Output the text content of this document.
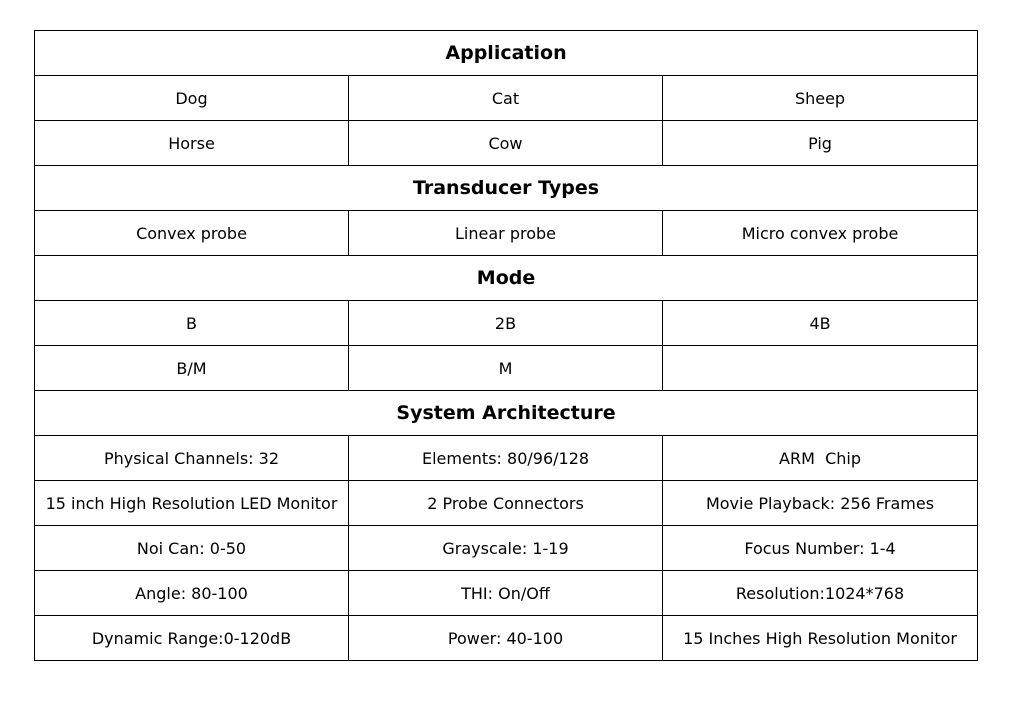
Application		
Dog	Cat	Sheep
Horse	Cow	Pig
Transducer Types		
Convex probe	Linear probe	Micro convex probe
Mode		
B	2B	4B
B/M	M	
System Architecture		
Physical Channels: 32	Elements: 80/96/128	ARM  Chip
15 inch High Resolution LED Monitor	2 Probe Connectors	Movie Playback: 256 Frames
Noi Can: 0-50	Grayscale: 1-19	Focus Number: 1-4
Angle: 80-100	THI: On/Off	Resolution:1024*768
Dynamic Range:0-120dB	Power: 40-100	15 Inches High Resolution Monitor
